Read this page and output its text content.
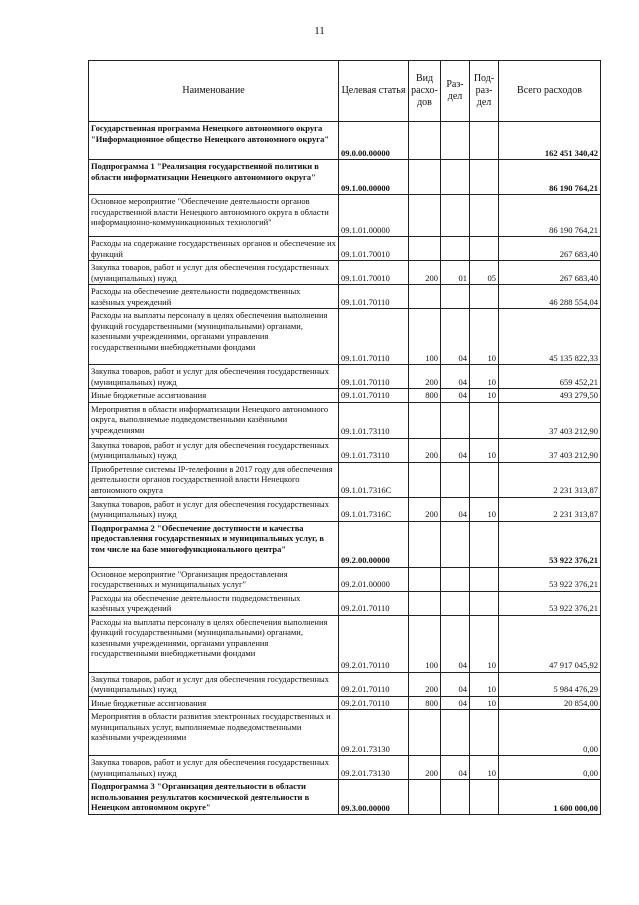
11
Наименование	Целевая статья	Вид расхо-дов	Раз-дел	Под-раз-дел	Всего расходов
Государственная программа Ненецкого автономного округа "Информационное общество Ненецкого автономного округа"	09.0.00.00000				162 451 340,42
Подпрограмма 1 "Реализация государственной политики в области информатизации Ненецкого автономного округа"	09.1.00.00000				86 190 764,21
Основное мероприятие "Обеспечение деятельности органов государственной власти Ненецкого автономного округа в области информационно-коммуникационных технологий"	09.1.01.00000				86 190 764,21
Расходы на содержание государственных органов и обеспечение их функций	09.1.01.70010				267 683,40
Закупка товаров, работ и услуг для обеспечения государственных (муниципальных) нужд	09.1.01.70010	200	01	05	267 683,40
Расходы на обеспечение деятельности подведомственных казённых учреждений	09.1.01.70110				46 288 554,04
Расходы на выплаты персоналу в целях обеспечения выполнения функций государственными (муниципальными) органами, казенными учреждениями, органами управления государственными внебюджетными фондами	09.1.01.70110	100	04	10	45 135 822,33
Закупка товаров, работ и услуг для обеспечения государственных (муниципальных) нужд	09.1.01.70110	200	04	10	659 452,21
Иные бюджетные ассигнования	09.1.01.70110	800	04	10	493 279,50
Мероприятия в области информатизации Ненецкого автономного округа, выполняемые подведомственными казёнными учреждениями	09.1.01.73110				37 403 212,90
Закупка товаров, работ и услуг для обеспечения государственных (муниципальных) нужд	09.1.01.73110	200	04	10	37 403 212,90
Приобретение системы IP-телефонии в 2017 году для обеспечения деятельности органов государственной власти Ненецкого автономного округа	09.1.01.7316C				2 231 313,87
Закупка товаров, работ и услуг для обеспечения государственных (муниципальных) нужд	09.1.01.7316C	200	04	10	2 231 313,87
Подпрограмма 2 "Обеспечение доступности и качества предоставления государственных и муниципальных услуг, в том числе на базе многофункционального центра"	09.2.00.00000				53 922 376,21
Основное мероприятие "Организация предоставления государственных и муниципальных услуг"	09.2.01.00000				53 922 376,21
Расходы на обеспечение деятельности подведомственных казённых учреждений	09.2.01.70110				53 922 376,21
Расходы на выплаты персоналу в целях обеспечения выполнения функций государственными (муниципальными) органами, казенными учреждениями, органами управления государственными внебюджетными фондами	09.2.01.70110	100	04	10	47 917 045,92
Закупка товаров, работ и услуг для обеспечения государственных (муниципальных) нужд	09.2.01.70110	200	04	10	5 984 476,29
Иные бюджетные ассигнования	09.2.01.70110	800	04	10	20 854,00
Мероприятия в области развития электронных государственных и муниципальных услуг, выполняемые подведомственными казёнными учреждениями	09.2.01.73130				0,00
Закупка товаров, работ и услуг для обеспечения государственных (муниципальных) нужд	09.2.01.73130	200	04	10	0,00
Подпрограмма 3 "Организация деятельности в области использования результатов космической деятельности в Ненецком автономном округе"	09.3.00.00000				1 600 000,00
